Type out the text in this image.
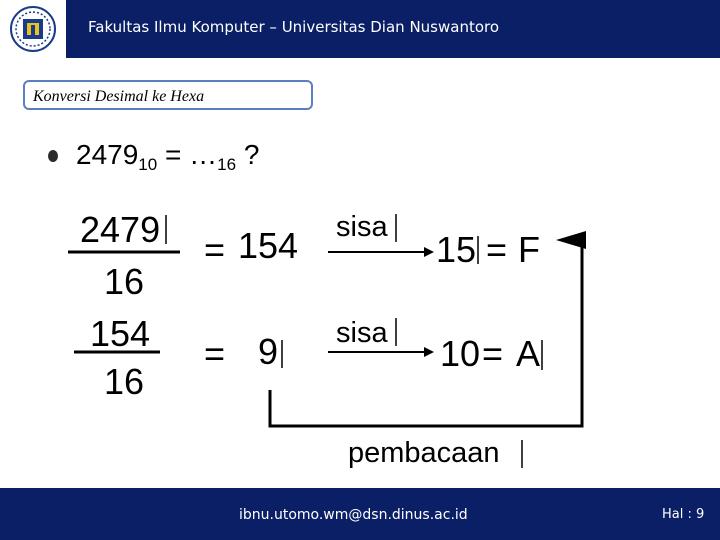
Fakultas Ilmu Komputer – Universitas Dian Nuswantoro
Konversi Desimal ke Hexa
$2479_{10}$ = $\dots_{16}$ ?
2479
16
= 154 sisa
15 = F
154
16
= 9 sisa 10 = A
pembacaan
ibnu.utomo.wm@dsn.dinus.ac.id	Hal : 9
